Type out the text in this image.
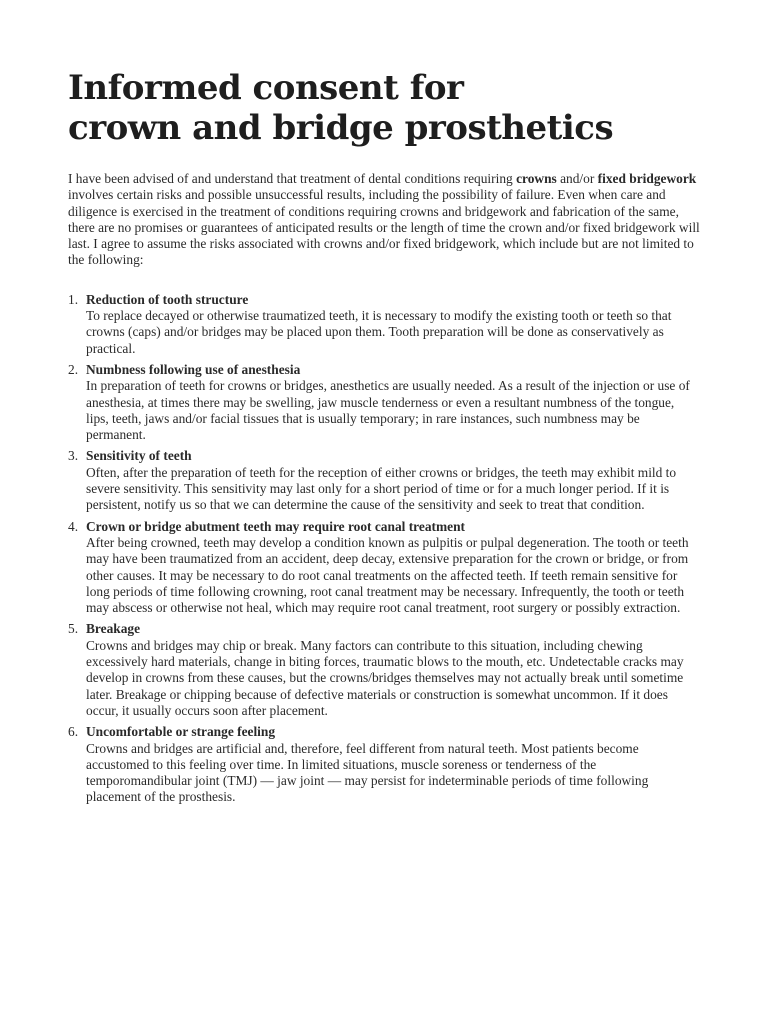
Informed consent for
crown and bridge prosthetics

I have been advised of and understand that treatment of dental conditions requiring crowns and/or fixed bridgework involves certain risks and possible unsuccessful results, including the possibility of failure. Even when care and diligence is exercised in the treatment of conditions requiring crowns and bridgework and fabrication of the same, there are no promises or guarantees of anticipated results or the length of time the crown and/or fixed bridgework will last. I agree to assume the risks associated with crowns and/or fixed bridgework, which include but are not limited to the following:

1. Reduction of tooth structure
To replace decayed or otherwise traumatized teeth, it is necessary to modify the existing tooth or teeth so that crowns (caps) and/or bridges may be placed upon them. Tooth preparation will be done as conservatively as practical.
2. Numbness following use of anesthesia
In preparation of teeth for crowns or bridges, anesthetics are usually needed. As a result of the injection or use of anesthesia, at times there may be swelling, jaw muscle tenderness or even a resultant numbness of the tongue, lips, teeth, jaws and/or facial tissues that is usually temporary; in rare instances, such numbness may be permanent.
3. Sensitivity of teeth
Often, after the preparation of teeth for the reception of either crowns or bridges, the teeth may exhibit mild to severe sensitivity. This sensitivity may last only for a short period of time or for a much longer period. If it is persistent, notify us so that we can determine the cause of the sensitivity and seek to treat that condition.
4. Crown or bridge abutment teeth may require root canal treatment
After being crowned, teeth may develop a condition known as pulpitis or pulpal degeneration. The tooth or teeth may have been traumatized from an accident, deep decay, extensive preparation for the crown or bridge, or from other causes. It may be necessary to do root canal treatments on the affected teeth. If teeth remain sensitive for long periods of time following crowning, root canal treatment may be necessary. Infrequently, the tooth or teeth may abscess or otherwise not heal, which may require root canal treatment, root surgery or possibly extraction.
5. Breakage
Crowns and bridges may chip or break. Many factors can contribute to this situation, including chewing excessively hard materials, change in biting forces, traumatic blows to the mouth, etc. Undetectable cracks may develop in crowns from these causes, but the crowns/bridges themselves may not actually break until sometime later. Breakage or chipping because of defective materials or construction is somewhat uncommon. If it does occur, it usually occurs soon after placement.
6. Uncomfortable or strange feeling
Crowns and bridges are artificial and, therefore, feel different from natural teeth. Most patients become accustomed to this feeling over time. In limited situations, muscle soreness or tenderness of the temporomandibular joint (TMJ) — jaw joint — may persist for indeterminable periods of time following placement of the prosthesis.
